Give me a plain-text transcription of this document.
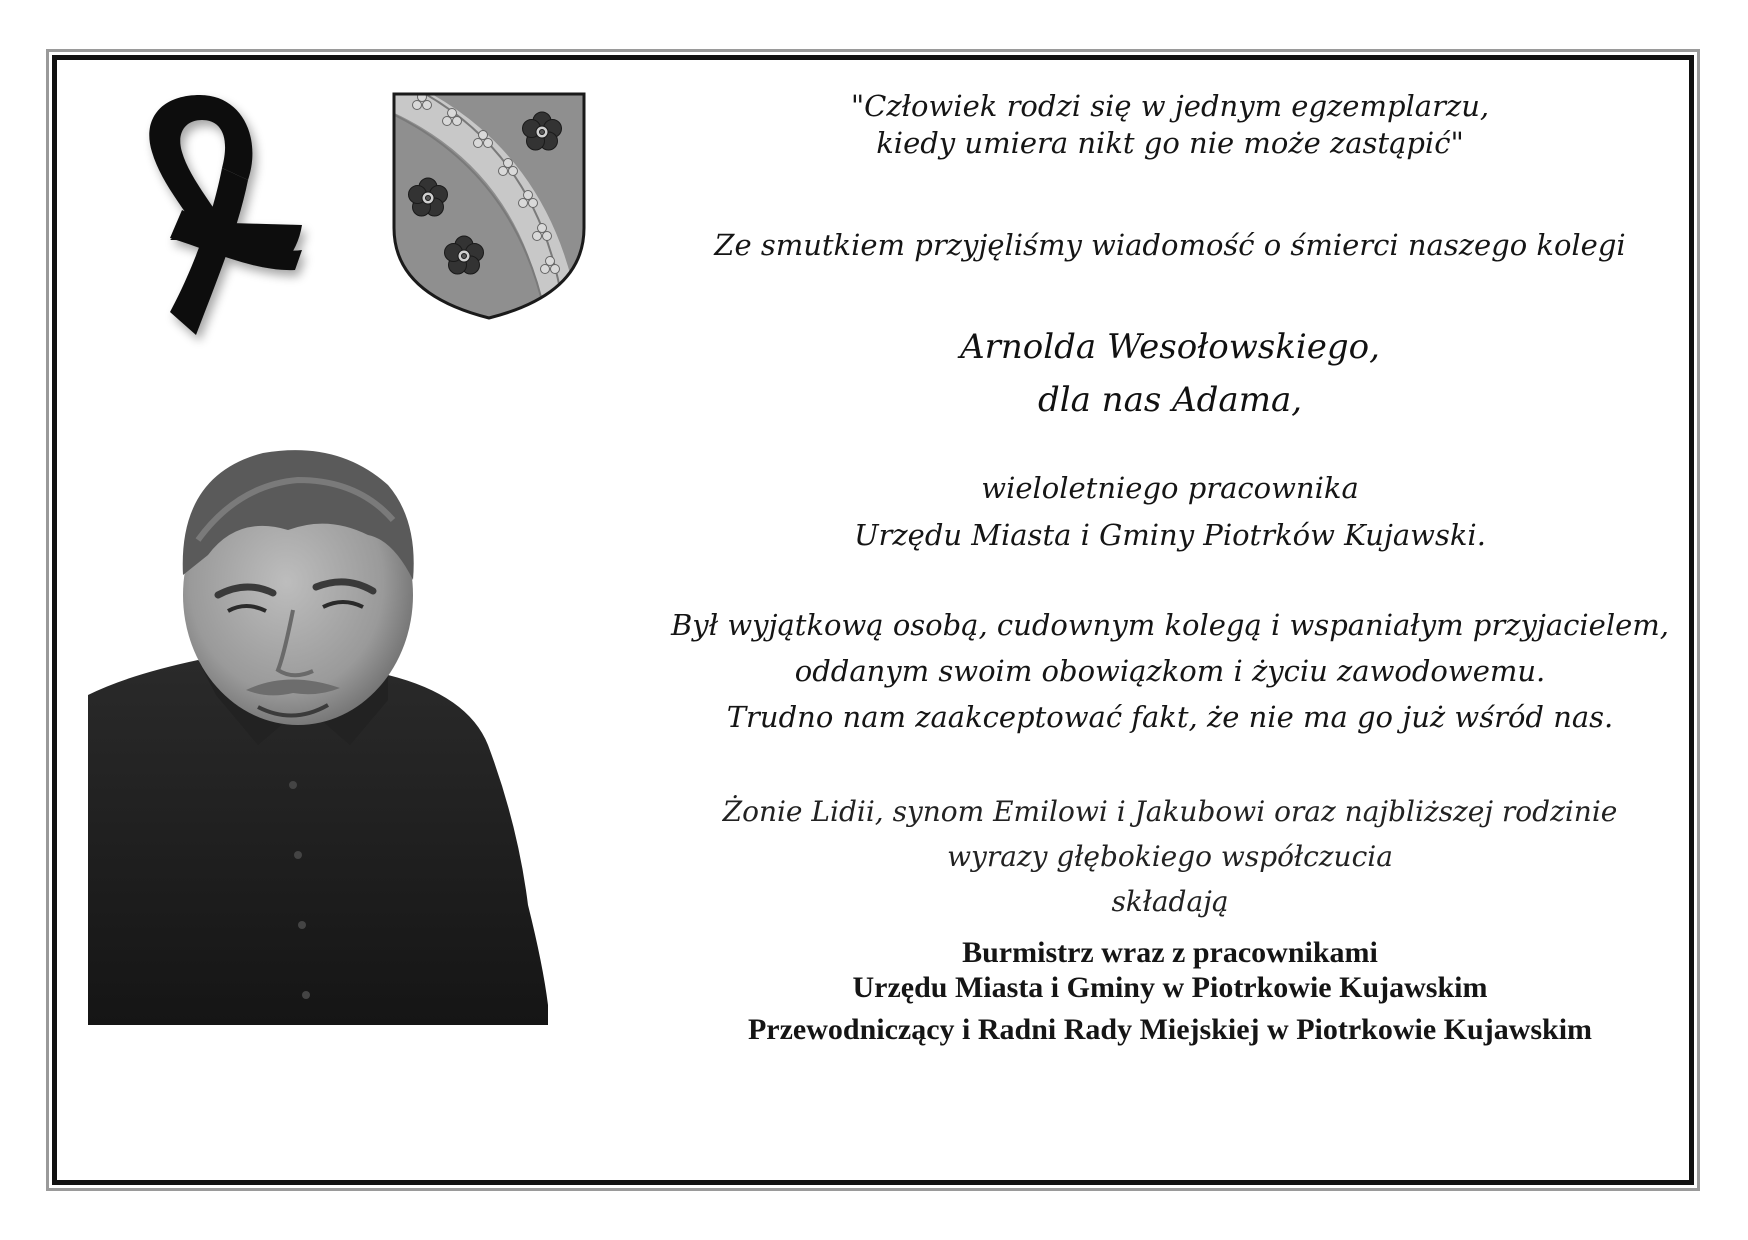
"Człowiek rodzi się w jednym egzemplarzu,
kiedy umiera nikt go nie może zastąpić"
Ze smutkiem przyjęliśmy wiadomość o śmierci naszego kolegi
Arnolda Wesołowskiego,
dla nas Adama,
wieloletniego pracownika
Urzędu Miasta i Gminy Piotrków Kujawski.
Był wyjątkową osobą, cudownym kolegą i wspaniałym przyjacielem,
oddanym swoim obowiązkom i życiu zawodowemu.
Trudno nam zaakceptować fakt, że nie ma go już wśród nas.
Żonie Lidii, synom Emilowi i Jakubowi oraz najbliższej rodzinie
wyrazy głębokiego współczucia
składają
Burmistrz wraz z pracownikami
Urzędu Miasta i Gminy w Piotrkowie Kujawskim
Przewodniczący i Radni Rady Miejskiej w Piotrkowie Kujawskim
